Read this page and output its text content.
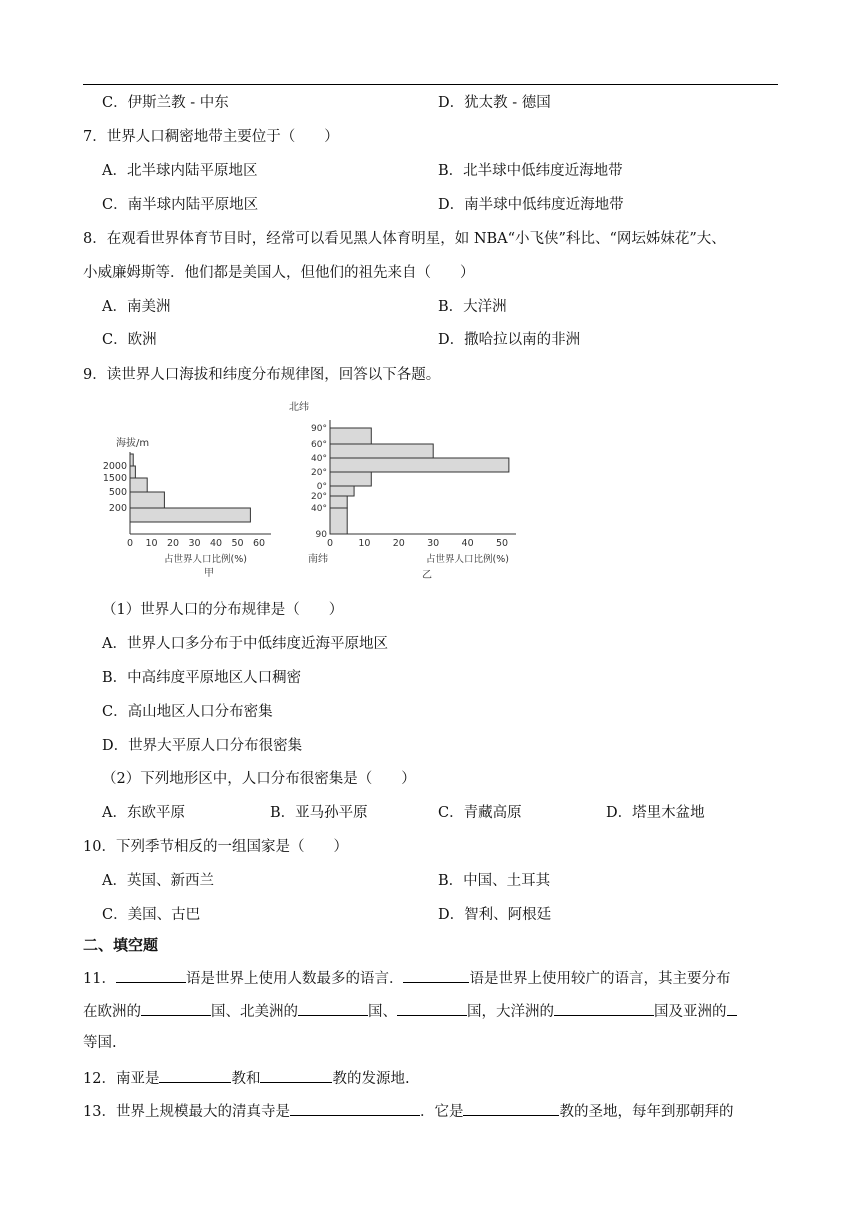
C．伊斯兰教 - 中东	D．犹太教 - 德国
7．世界人口稠密地带主要位于（　　）
A．北半球内陆平原地区	B．北半球中低纬度近海地带
C．南半球内陆平原地区	D．南半球中低纬度近海地带
8．在观看世界体育节目时，经常可以看见黑人体育明星，如 NBA“小飞侠”科比、“网坛姊妹花”大、
小威廉姆斯等．他们都是美国人，但他们的祖先来自（　　）
A．南美洲	B．大洋洲
C．欧洲	D．撒哈拉以南的非洲
9．读世界人口海拔和纬度分布规律图，回答以下各题。
海拔/m
2000
1500
500
200
0 10 20 30 40 50 60
占世界人口比例(%)
甲
北纬
90°
60°
40°
20°
0°
20°
40°
90
0	10 20 30 40 50
南纬	占世界人口比例(%)
乙
（1）世界人口的分布规律是（　　）
A．世界人口多分布于中低纬度近海平原地区
B．中高纬度平原地区人口稠密
C．高山地区人口分布密集
D．世界大平原人口分布很密集
（2）下列地形区中，人口分布很密集是（　　）
A．东欧平原	B．亚马孙平原	C．青藏高原	D．塔里木盆地
10．下列季节相反的一组国家是（　　）
A．英国、新西兰	B．中国、土耳其
C．美国、古巴	D．智利、阿根廷
二、填空题
11．	语是世界上使用人数最多的语言．	语是世界上使用较广的语言，其主要分布
在欧洲的	国、北美洲的	国、	国，大洋洲的	国及亚洲的
等国.
12．南亚是	教和	教的发源地.
13．世界上规模最大的清真寺是	．它是	教的圣地，每年到那朝拜的
